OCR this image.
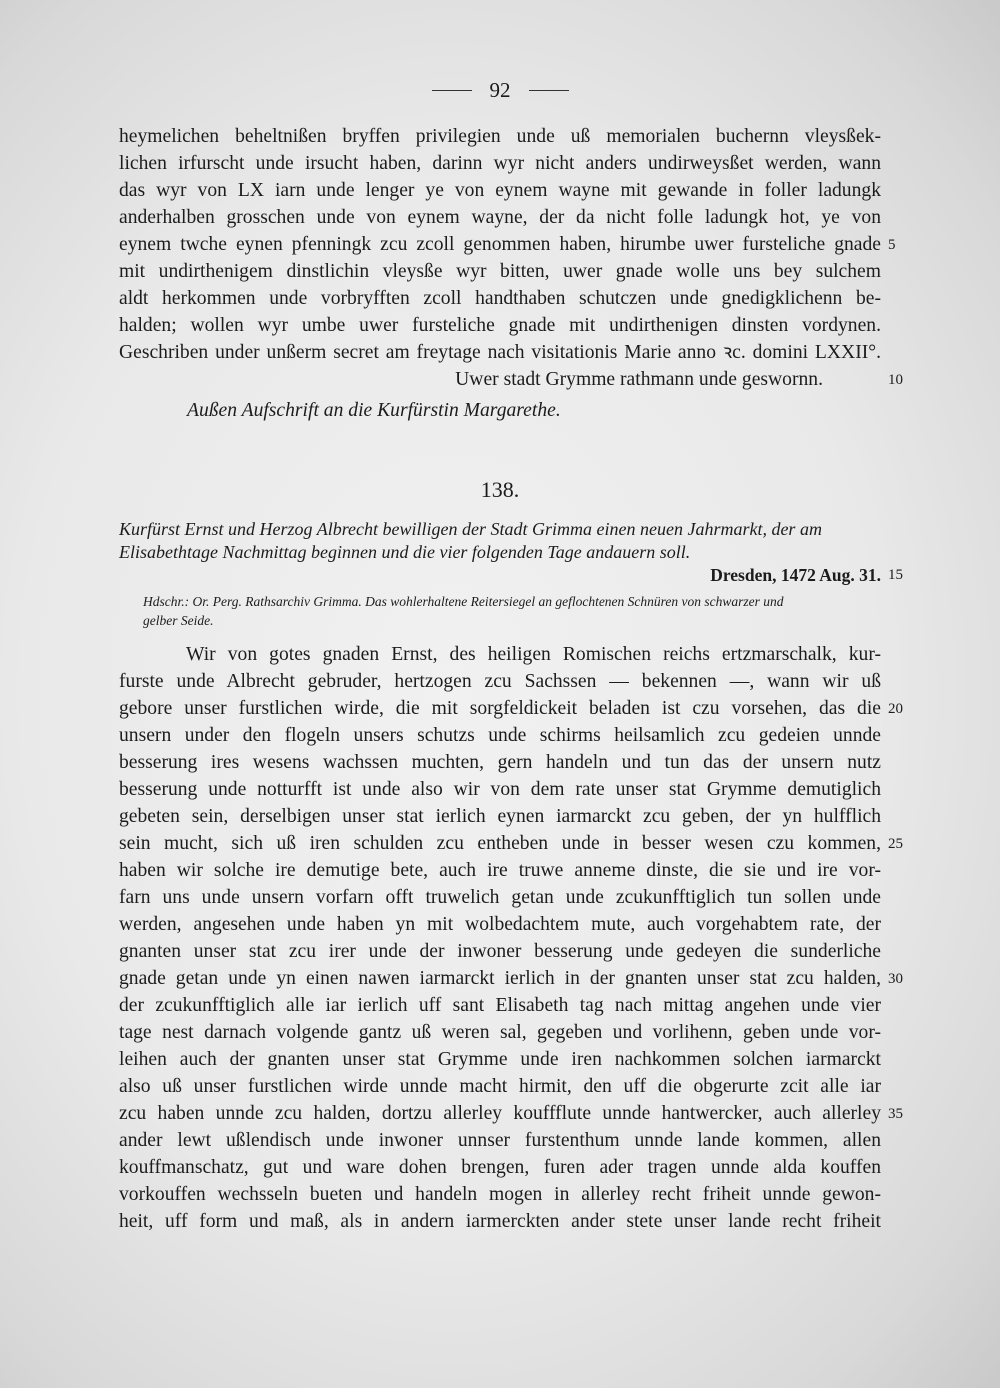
92
heymelichen beheltnißen bryffen privilegien unde uß memorialen buchernn vleysßek-
lichen irfurscht unde irsucht haben, darinn wyr nicht anders undirweysßet werden, wann
das wyr von LX iarn unde lenger ye von eynem wayne mit gewande in foller ladungk
anderhalben grosschen unde von eynem wayne, der da nicht folle ladungk hot, ye von
eynem twche eynen pfenningk zcu zcoll genommen haben, hirumbe uwer fursteliche gnade 5
mit undirthenigem dinstlichin vleysße wyr bitten, uwer gnade wolle uns bey sulchem
aldt herkommen unde vorbryfften zcoll handthaben schutczen unde gnedigklichenn be-
halden; wollen wyr umbe uwer fursteliche gnade mit undirthenigen dinsten vordynen.
Geschriben under unßerm secret am freytage nach visitationis Marie anno ꝛc. domini LXXII°.
Uwer stadt Grymme rathmann unde geswornn.	10
Außen Aufschrift an die Kurfürstin Margarethe.
138.
Kurfürst Ernst und Herzog Albrecht bewilligen der Stadt Grimma einen neuen Jahrmarkt, der am
Elisabethtage Nachmittag beginnen und die vier folgenden Tage andauern soll.
Dresden, 1472 Aug. 31. 15
Hdschr.: Or. Perg. Rathsarchiv Grimma. Das wohlerhaltene Reitersiegel an geflochtenen Schnüren von schwarzer und
gelber Seide.
Wir von gotes gnaden Ernst, des heiligen Romischen reichs ertzmarschalk, kur-
furste unde Albrecht gebruder, hertzogen zcu Sachssen — bekennen —, wann wir uß
gebore unser furstlichen wirde, die mit sorgfeldickeit beladen ist czu vorsehen, das die 20
unsern under den flogeln unsers schutzs unde schirms heilsamlich zcu gedeien unnde
besserung ires wesens wachssen muchten, gern handeln und tun das der unsern nutz
besserung unde notturfft ist unde also wir von dem rate unser stat Grymme demutiglich
gebeten sein, derselbigen unser stat ierlich eynen iarmarckt zcu geben, der yn hulfflich
sein mucht, sich uß iren schulden zcu entheben unde in besser wesen czu kommen, 25
haben wir solche ire demutige bete, auch ire truwe anneme dinste, die sie und ire vor-
farn uns unde unsern vorfarn offt truwelich getan unde zcukunfftiglich tun sollen unde
werden, angesehen unde haben yn mit wolbedachtem mute, auch vorgehabtem rate, der
gnanten unser stat zcu irer unde der inwoner besserung unde gedeyen die sunderliche
gnade getan unde yn einen nawen iarmarckt ierlich in der gnanten unser stat zcu halden, 30
der zcukunfftiglich alle iar ierlich uff sant Elisabeth tag nach mittag angehen unde vier
tage nest darnach volgende gantz uß weren sal, gegeben und vorlihenn, geben unde vor-
leihen auch der gnanten unser stat Grymme unde iren nachkommen solchen iarmarckt
also uß unser furstlichen wirde unnde macht hirmit, den uff die obgerurte zcit alle iar
zcu haben unnde zcu halden, dortzu allerley kouffflute unnde hantwercker, auch allerley 35
ander lewt ußlendisch unde inwoner unnser furstenthum unnde lande kommen, allen
kouffmanschatz, gut und ware dohen brengen, furen ader tragen unnde alda kouffen
vorkouffen wechsseln bueten und handeln mogen in allerley recht friheit unnde gewon-
heit, uff form und maß, als in andern iarmerckten ander stete unser lande recht friheit
